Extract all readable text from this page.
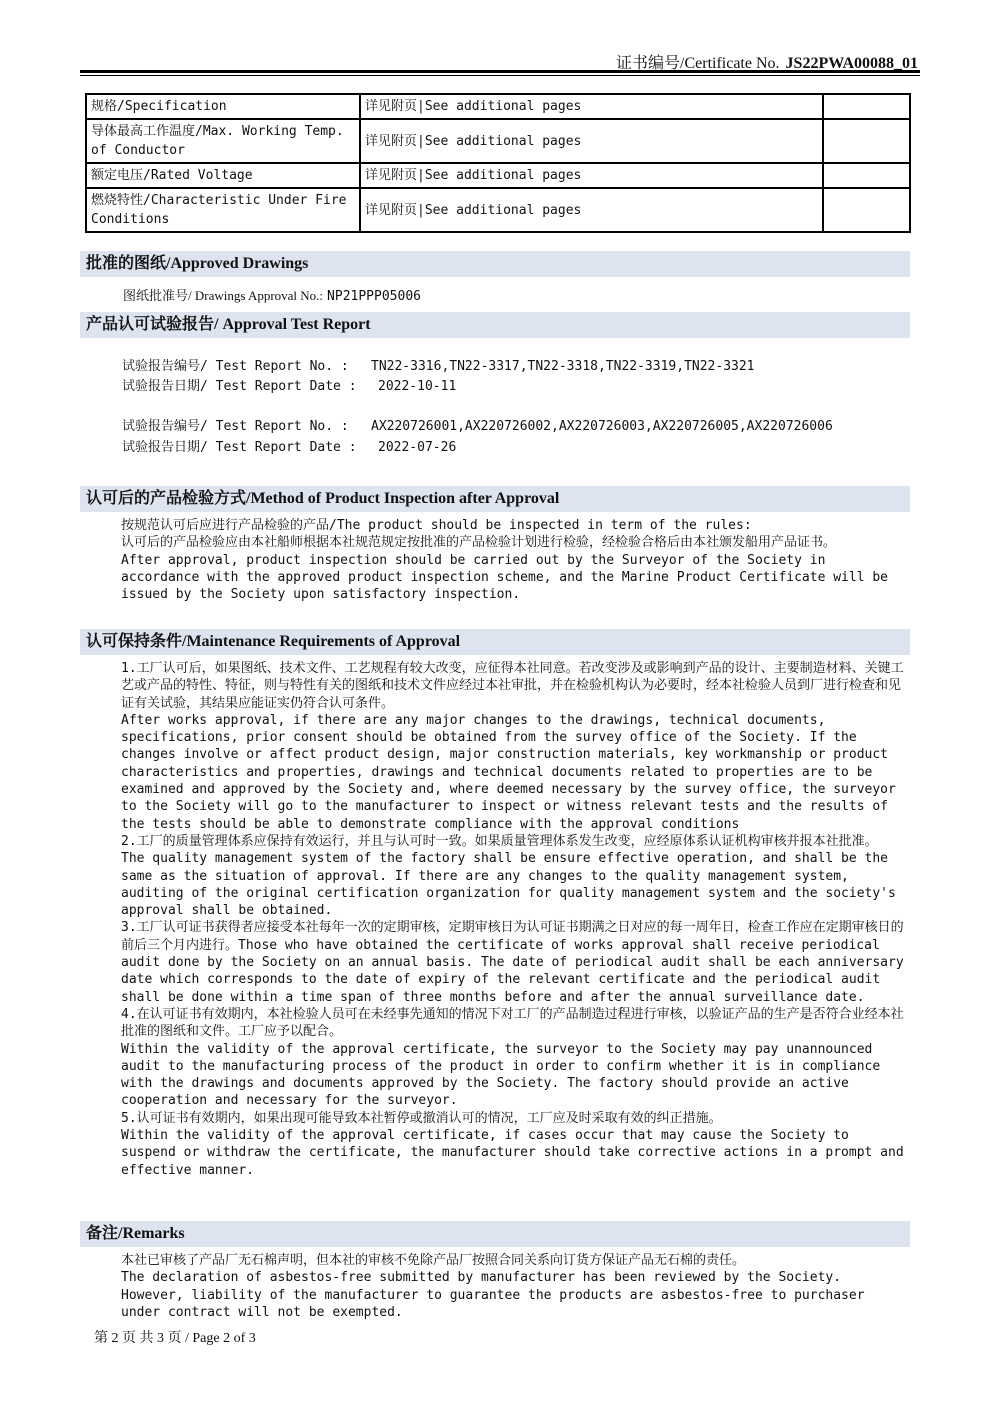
证书编号/Certificate No. JS22PWA00088_01
规格/Specification	详见附页|See additional pages	
导体最高工作温度/Max. Working Temp. of Conductor	详见附页|See additional pages	
额定电压/Rated Voltage	详见附页|See additional pages	
燃烧特性/Characteristic Under Fire Conditions	详见附页|See additional pages	
批准的图纸/Approved Drawings
图纸批准号/ Drawings Approval No.: NP21PPP05006
产品认可试验报告/ Approval Test Report
试验报告编号/ Test Report No. : TN22-3316,TN22-3317,TN22-3318,TN22-3319,TN22-3321
试验报告日期/ Test Report Date : 2022-10-11
试验报告编号/ Test Report No. : AX220726001,AX220726002,AX220726003,AX220726005,AX220726006
试验报告日期/ Test Report Date : 2022-07-26
认可后的产品检验方式/Method of Product Inspection after Approval

按规范认可后应进行产品检验的产品/The product should be inspected in term of the rules:

认可后的产品检验应由本社船师根据本社规范规定按批准的产品检验计划进行检验，经检验合格后由本社颁发船用产品证书。

After approval, product inspection should be carried out by the Surveyor of the Society in accordance with the approved product inspection scheme, and the Marine Product Certificate will be issued by the Society upon satisfactory inspection.

认可保持条件/Maintenance Requirements of Approval

1.工厂认可后，如果图纸、技术文件、工艺规程有较大改变，应征得本社同意。若改变涉及或影响到产品的设计、主要制造材料、关键工艺或产品的特性、特征，则与特性有关的图纸和技术文件应经过本社审批，并在检验机构认为必要时，经本社检验人员到厂进行检查和见证有关试验，其结果应能证实仍符合认可条件。

After works approval, if there are any major changes to the drawings, technical documents, specifications, prior consent should be obtained from the survey office of the Society. If the changes involve or affect product design, major construction materials, key workmanship or product characteristics and properties, drawings and technical documents related to properties are to be examined and approved by the Society and, where deemed necessary by the survey office, the surveyor to the Society will go to the manufacturer to inspect or witness relevant tests and the results of the tests should be able to demonstrate compliance with the approval conditions

2.工厂的质量管理体系应保持有效运行，并且与认可时一致。如果质量管理体系发生改变，应经原体系认证机构审核并报本社批准。

The quality management system of the factory shall be ensure effective operation, and shall be the same as the situation of approval. If there are any changes to the quality management system, auditing of the original certification organization for quality management system and the society's approval shall be obtained.

3.工厂认可证书获得者应接受本社每年一次的定期审核，定期审核日为认可证书期满之日对应的每一周年日，检查工作应在定期审核日的前后三个月内进行。Those who have obtained the certificate of works approval shall receive periodical audit done by the Society on an annual basis. The date of periodical audit shall be each anniversary date which corresponds to the date of expiry of the relevant certificate and the periodical audit shall be done within a time span of three months before and after the annual surveillance date.

4.在认可证书有效期内，本社检验人员可在未经事先通知的情况下对工厂的产品制造过程进行审核，以验证产品的生产是否符合业经本社批准的图纸和文件。工厂应予以配合。

Within the validity of the approval certificate, the surveyor to the Society may pay unannounced audit to the manufacturing process of the product in order to confirm whether it is in compliance with the drawings and documents approved by the Society. The factory should provide an active cooperation and necessary for the surveyor.

5.认可证书有效期内，如果出现可能导致本社暂停或撤消认可的情况，工厂应及时采取有效的纠正措施。

Within the validity of the approval certificate, if cases occur that may cause the Society to suspend or withdraw the certificate, the manufacturer should take corrective actions in a prompt and effective manner.

备注/Remarks

本社已审核了产品厂无石棉声明，但本社的审核不免除产品厂按照合同关系向订货方保证产品无石棉的责任。

The declaration of asbestos-free submitted by manufacturer has been reviewed by the Society. However, liability of the manufacturer to guarantee the products are asbestos-free to purchaser under contract will not be exempted.

第 2 页 共 3 页 / Page 2 of 3
